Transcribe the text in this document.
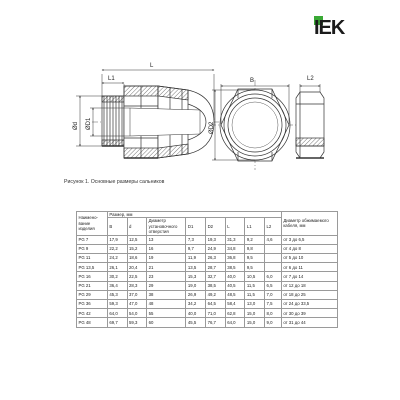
IEK
L
L1
Ød ØD1
B
ØD2
L2
Рисунок 1. Основные размеры сальников
Наимено-вание изделия	Размер, мм								Диаметр обжимаемого кабеля, мм
	B	d	Диаметр установочного отверстия	D1	D2	L	L1	L2	
PG 7	17,9	12,5	13	7,3	19,3	31,3	9,2	4,6	от 3 до 6,5
PG 9	22,2	15,2	16	9,7	24,9	34,8	9,8		от 4 до 8
PG 11	24,2	18,6	19	11,9	26,3	36,8	9,5		от 5 до 10
PG 13,5	26,1	20,4	21	13,5	28,7	38,5	9,5		от 6 до 11
PG 16	30,2	22,5	23	15,3	32,7	40,0	10,5	6,0	от 7 до 14
PG 21	36,4	28,3	29	19,0	38,5	40,5	11,5	6,5	от 12 до 18
PG 29	45,3	37,0	38	26,9	49,2	48,5	11,5	7,0	от 18 до 25
PG 36	59,3	47,0	48	34,2	64,5	58,4	13,0	7,5	от 24 до 33,5
PG 42	64,0	54,0	55	40,0	71,0	62,8	15,0	8,0	от 30 до 39
PG 48	69,7	59,3	60	45,5	76,7	64,0	15,0	9,0	от 31 до 44
